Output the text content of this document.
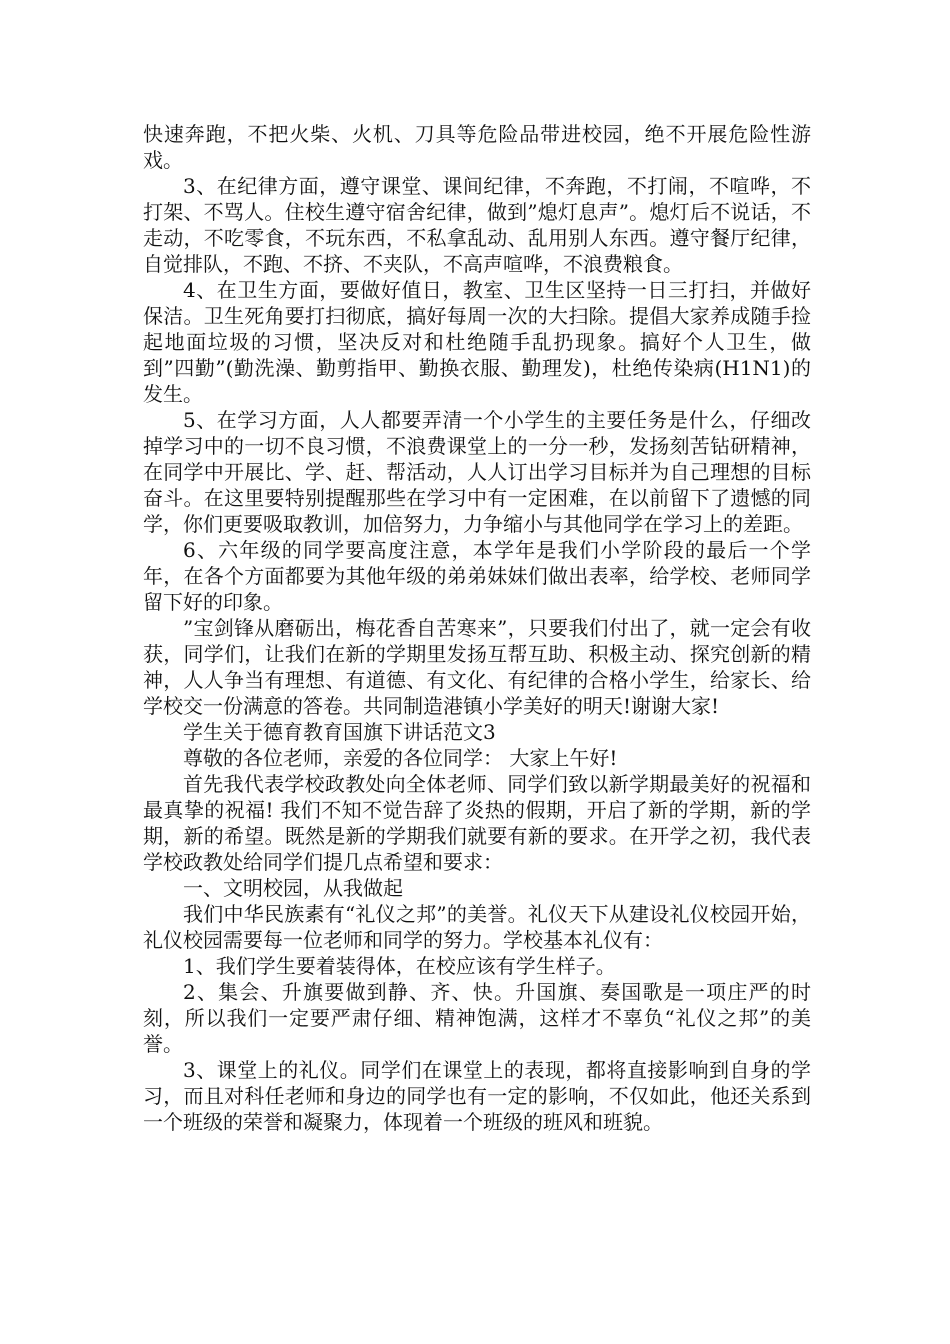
快速奔跑，不把火柴、火机、刀具等危险品带进校园，绝不开展危险性游戏。

3、在纪律方面，遵守课堂、课间纪律，不奔跑，不打闹，不喧哗，不打架、不骂人。住校生遵守宿舍纪律，做到”熄灯息声”。熄灯后不说话，不走动，不吃零食，不玩东西，不私拿乱动、乱用别人东西。遵守餐厅纪律，自觉排队，不跑、不挤、不夹队，不高声喧哗，不浪费粮食。

4、在卫生方面，要做好值日，教室、卫生区坚持一日三打扫，并做好保洁。卫生死角要打扫彻底，搞好每周一次的大扫除。提倡大家养成随手捡起地面垃圾的习惯，坚决反对和杜绝随手乱扔现象。搞好个人卫生，做到”四勤”(勤洗澡、勤剪指甲、勤换衣服、勤理发)，杜绝传染病(H1N1)的发生。

5、在学习方面，人人都要弄清一个小学生的主要任务是什么，仔细改掉学习中的一切不良习惯，不浪费课堂上的一分一秒，发扬刻苦钻研精神，在同学中开展比、学、赶、帮活动，人人订出学习目标并为自己理想的目标奋斗。在这里要特别提醒那些在学习中有一定困难，在以前留下了遗憾的同学，你们更要吸取教训，加倍努力，力争缩小与其他同学在学习上的差距。

6、六年级的同学要高度注意，本学年是我们小学阶段的最后一个学年，在各个方面都要为其他年级的弟弟妹妹们做出表率，给学校、老师同学留下好的印象。

”宝剑锋从磨砺出，梅花香自苦寒来”，只要我们付出了，就一定会有收获，同学们，让我们在新的学期里发扬互帮互助、积极主动、探究创新的精神，人人争当有理想、有道德、有文化、有纪律的合格小学生，给家长、给学校交一份满意的答卷。共同制造港镇小学美好的明天!谢谢大家!

学生关于德育教育国旗下讲话范文3

尊敬的各位老师，亲爱的各位同学： 大家上午好!

首先我代表学校政教处向全体老师、同学们致以新学期最美好的祝福和最真挚的祝福! 我们不知不觉告辞了炎热的假期，开启了新的学期，新的学期，新的希望。既然是新的学期我们就要有新的要求。在开学之初，我代表学校政教处给同学们提几点希望和要求：

一、文明校园，从我做起

我们中华民族素有“礼仪之邦”的美誉。礼仪天下从建设礼仪校园开始，礼仪校园需要每一位老师和同学的努力。学校基本礼仪有：

1、我们学生要着装得体，在校应该有学生样子。

2、集会、升旗要做到静、齐、快。升国旗、奏国歌是一项庄严的时刻，所以我们一定要严肃仔细、精神饱满，这样才不辜负“礼仪之邦”的美誉。

3、课堂上的礼仪。同学们在课堂上的表现，都将直接影响到自身的学习，而且对科任老师和身边的同学也有一定的影响，不仅如此，他还关系到一个班级的荣誉和凝聚力，体现着一个班级的班风和班貌。
